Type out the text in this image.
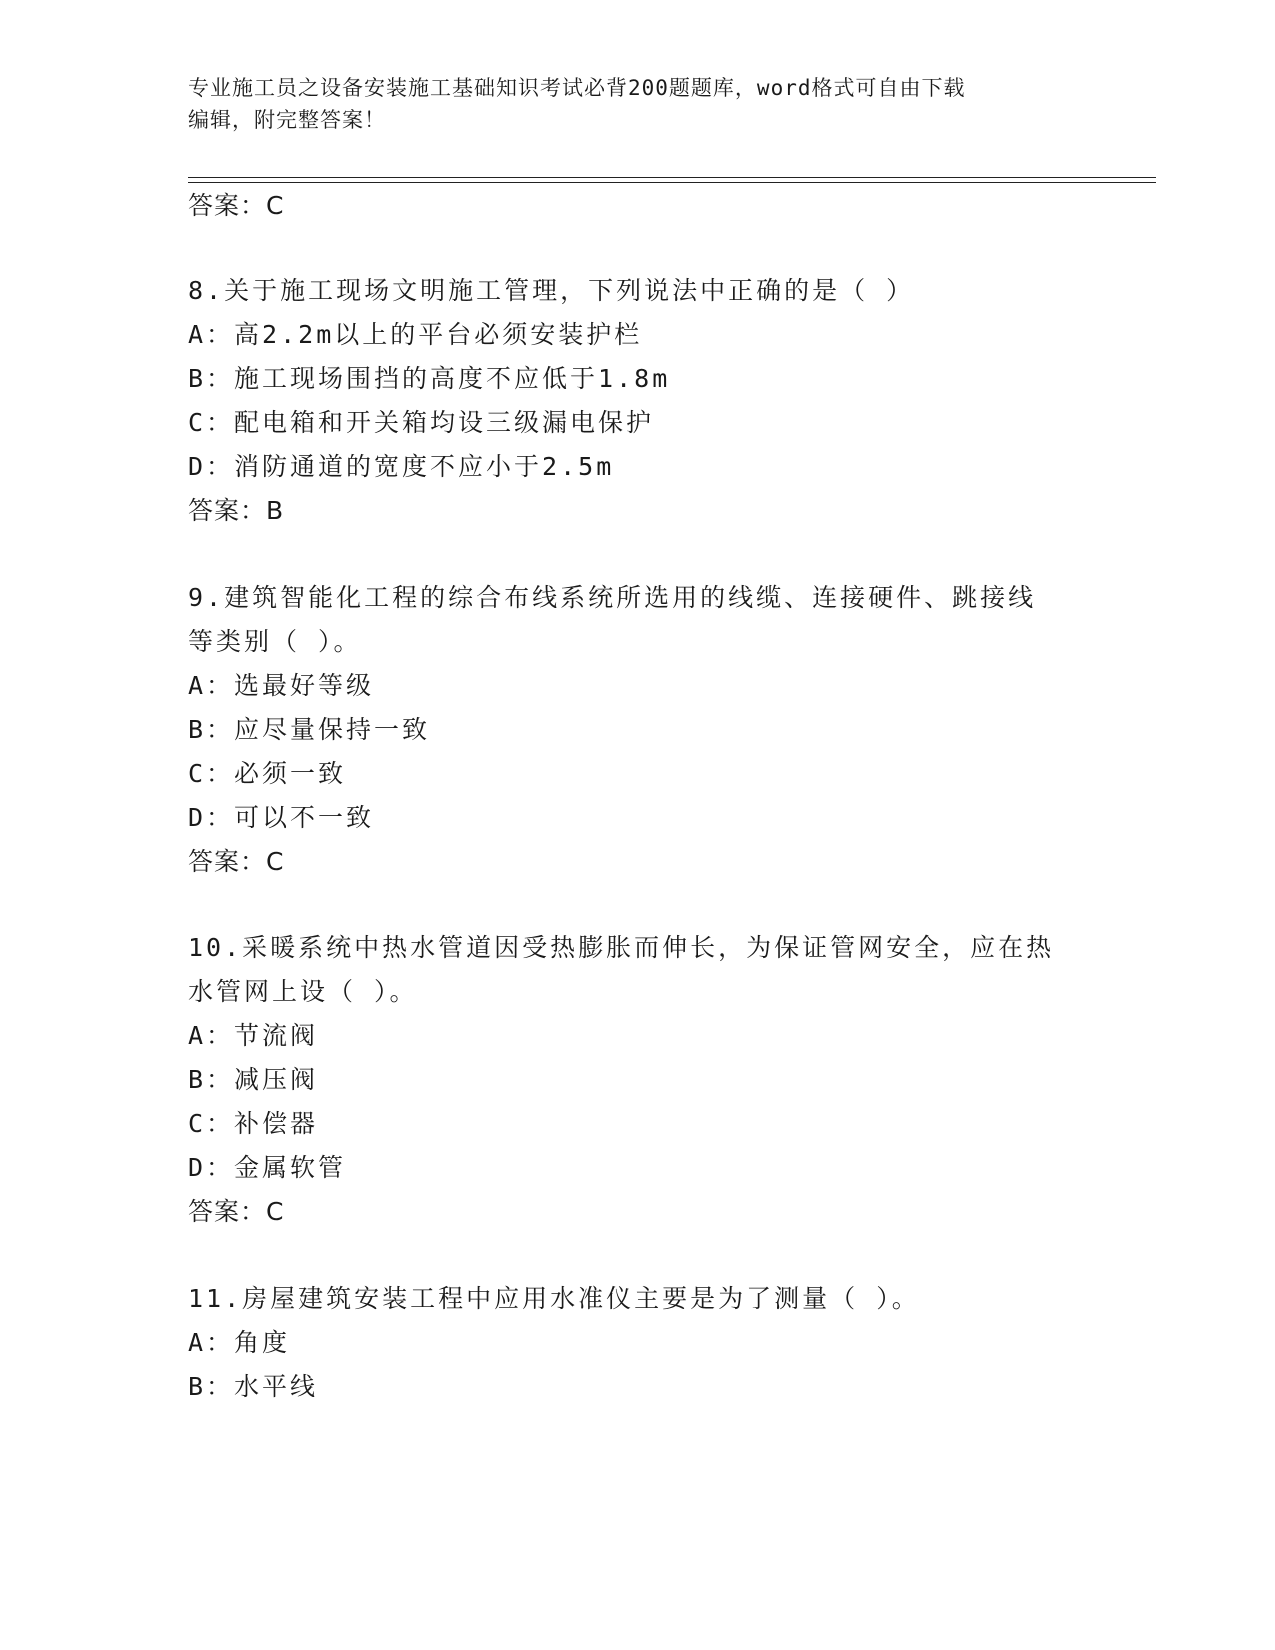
专业施工员之设备安装施工基础知识考试必背200题题库，word格式可自由下载
编辑，附完整答案！
答案：C
8.关于施工现场文明施工管理，下列说法中正确的是（ ）
A：高2.2m以上的平台必须安装护栏
B：施工现场围挡的高度不应低于1.8m
C：配电箱和开关箱均设三级漏电保护
D：消防通道的宽度不应小于2.5m
答案：B
9.建筑智能化工程的综合布线系统所选用的线缆、连接硬件、跳接线
等类别（ ）。
A：选最好等级
B：应尽量保持一致
C：必须一致
D：可以不一致
答案：C
10.采暖系统中热水管道因受热膨胀而伸长，为保证管网安全，应在热
水管网上设（ ）。
A：节流阀
B：减压阀
C：补偿器
D：金属软管
答案：C
11.房屋建筑安装工程中应用水准仪主要是为了测量（ ）。
A：角度
B：水平线
